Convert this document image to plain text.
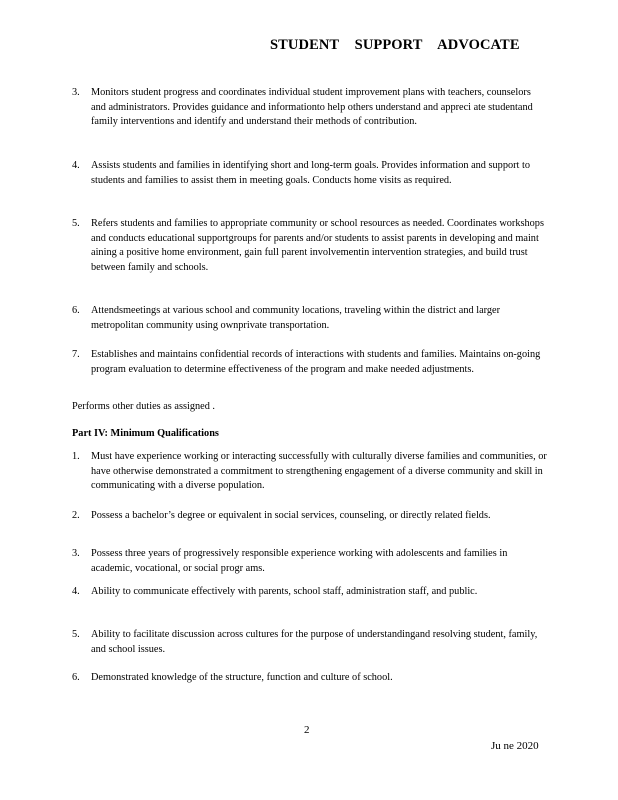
STUDENT SUPPORT ADVOCATE
3.	Monitors student progress and coordinates individual student improvement plans with teachers, counselors and administrators. Provides guidance and informationto help others understand and appreci ate studentand family interventions and identify and understand their methods of contribution.
4.	Assists students and families in identifying short and long-term goals. Provides information and support to students and families to assist them in meeting goals. Conducts home visits as required.
5.	Refers students and families to appropriate community or school resources as needed. Coordinates workshops and conducts educational supportgroups for parents and/or students to assist parents in developing and maint aining a positive home environment, gain full parent involvementin intervention strategies, and build trust between family and schools.
6.	Attendsmeetings at various school and community locations, traveling within the district and larger metropolitan community using ownprivate transportation.
7.	Establishes and maintains confidential records of interactions with students and families. Maintains on-going program evaluation to determine effectiveness of the program and make needed adjustments.
Performs other duties as assigned .
Part IV: Minimum Qualifications
1.	Must have experience working or interacting successfully with culturally diverse families and communities, or have otherwise demonstrated a commitment to strengthening engagement of a diverse community and skill in communicating with a diverse population.
2.	Possess a bachelor’s degree or equivalent in social services, counseling, or directly related fields.
3.	Possess three years of progressively responsible experience working with adolescents and families in academic, vocational, or social progr ams.
4.	Ability to communicate effectively with parents, school staff, administration staff, and public.
5.	Ability to facilitate discussion across cultures for the purpose of understandingand resolving student, family, and school issues.
6.	Demonstrated knowledge of the structure, function and culture of school.
2
Ju ne 2020
